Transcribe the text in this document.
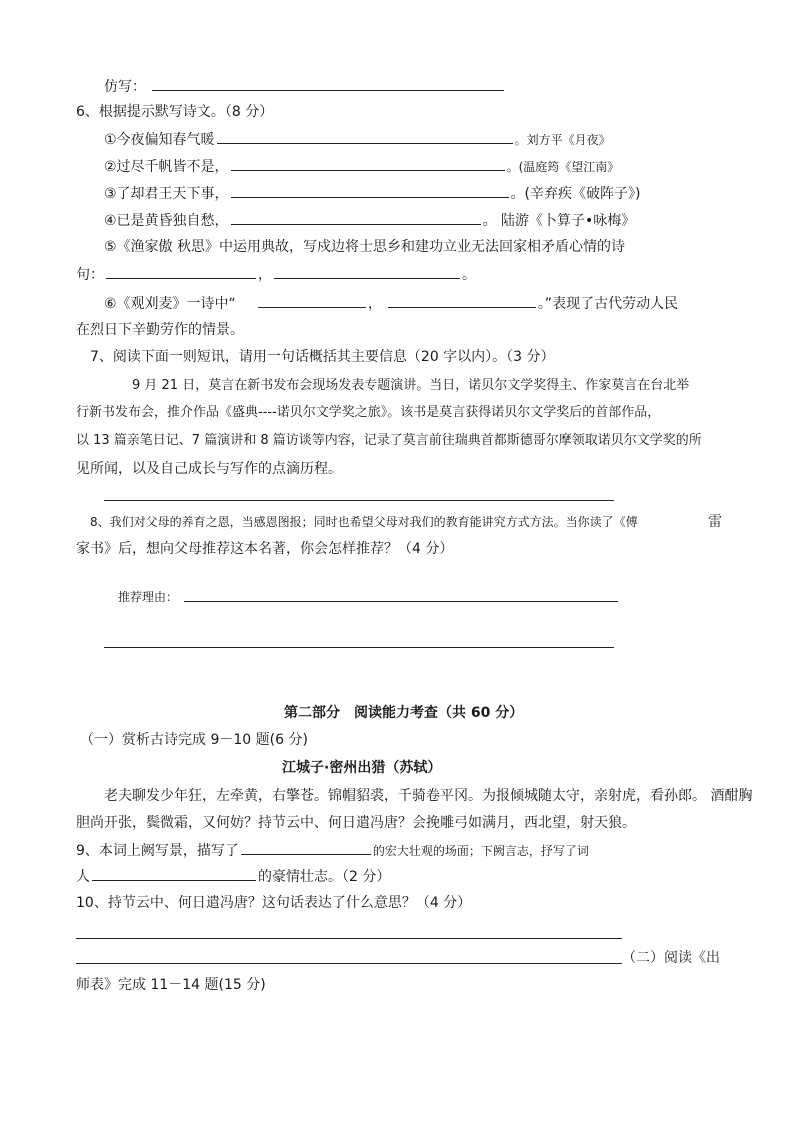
仿写：
6、根据提示默写诗文。（8 分）
①今夜偏知春气暖	。刘方平《月夜》
②过尽千帆皆不是，	。(温庭筠《望江南》
③了却君王天下事，	。(辛弃疾《破阵子》)
④已是黄昏独自愁，	。 陆游《卜算子•咏梅》
⑤《渔家傲 秋思》中运用典故，写戍边将士思乡和建功立业无法回家相矛盾心情的诗
句：	，	。
⑥《观刈麦》一诗中“	，	。”表现了古代劳动人民
在烈日下辛勤劳作的情景。
7、阅读下面一则短讯，请用一句话概括其主要信息（20 字以内）。（3 分）
9 月 21 日，莫言在新书发布会现场发表专题演讲。当日，诺贝尔文学奖得主、作家莫言在台北举
行新书发布会，推介作品《盛典----诺贝尔文学奖之旅》。该书是莫言获得诺贝尔文学奖后的首部作品，
以 13 篇亲笔日记、7 篇演讲和 8 篇访谈等内容，记录了莫言前往瑞典首都斯德哥尔摩领取诺贝尔文学奖的所
见所闻，以及自己成长与写作的点滴历程。
8、我们对父母的养育之恩，当感恩图报；同时也希望父母对我们的教育能讲究方式方法。当你读了《傅	雷
家书》后，想向父母推荐这本名著，你会怎样推荐？（4 分）
推荐理由：
第二部分　阅读能力考查（共 60 分）
（一）赏析古诗完成 9－10 题(6 分)
江城子·密州出猎（苏轼）
老夫聊发少年狂，左牵黄，右擎苍。锦帽貂裘，千骑卷平冈。为报倾城随太守，亲射虎，看孙郎。 酒酣胸
胆尚开张，鬓微霜，又何妨？持节云中、何日遣冯唐？会挽雕弓如满月，西北望，射天狼。
9、本词上阙写景，描写了	的宏大壮观的场面；下阙言志，抒写了词
人	的豪情壮志。（2 分）
10、持节云中、何日遣冯唐？这句话表达了什么意思？（4 分）
（二）阅读《出
师表》完成 11－14 题(15 分)
